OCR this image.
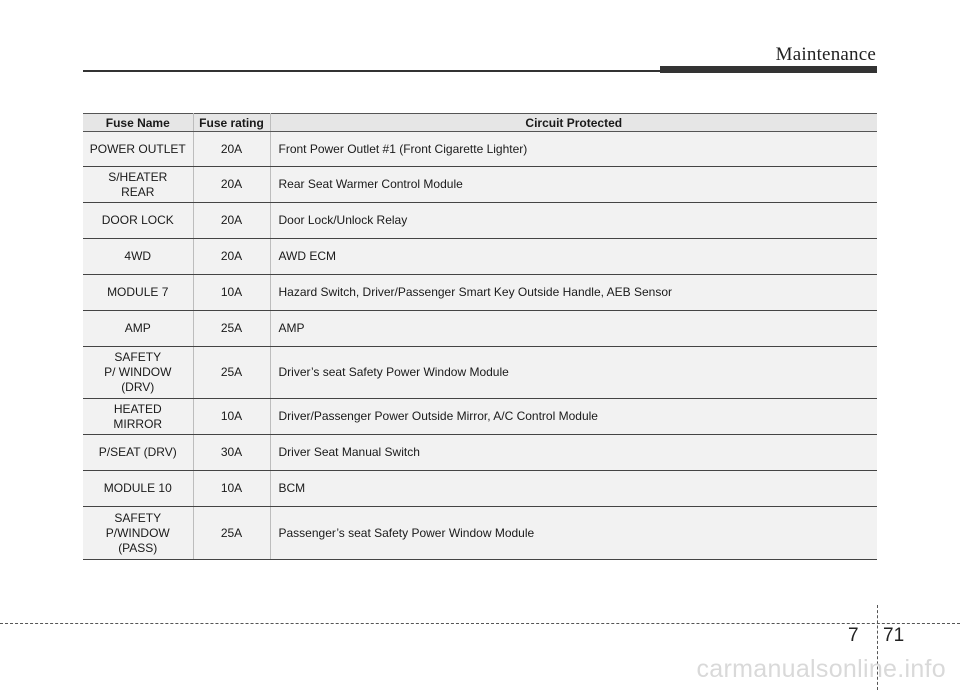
Maintenance
Fuse Name	Fuse rating	Circuit Protected
POWER OUTLET	20A	Front Power Outlet #1 (Front Cigarette Lighter)
S/HEATER
REAR	20A	Rear Seat Warmer Control Module
DOOR LOCK	20A	Door Lock/Unlock Relay
4WD	20A	AWD ECM
MODULE 7	10A	Hazard Switch, Driver/Passenger Smart Key Outside Handle, AEB Sensor
AMP	25A	AMP
SAFETY
P/ WINDOW
(DRV)	25A	Driver’s seat Safety Power Window Module
HEATED
MIRROR	10A	Driver/Passenger Power Outside Mirror, A/C Control Module
P/SEAT (DRV)	30A	Driver Seat Manual Switch
MODULE 10	10A	BCM
SAFETY
P/WINDOW
(PASS)	25A	Passenger’s seat Safety Power Window Module
7 71
carmanualsonline.info
